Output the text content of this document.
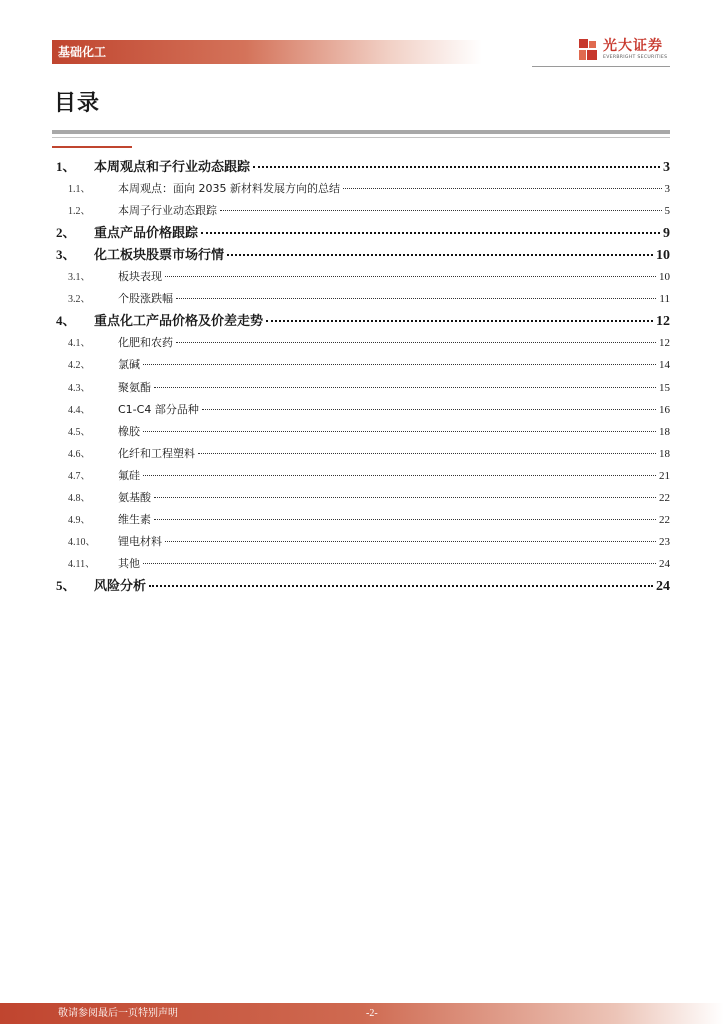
基础化工	光大证券
EVERBRIGHT SECURITIES
目录
1、	本周观点和子行业动态跟踪	3
1.1、	本周观点：面向 2035 新材料发展方向的总结	3
1.2、	本周子行业动态跟踪	5
2、	重点产品价格跟踪	9
3、	化工板块股票市场行情	10
3.1、	板块表现	10
3.2、	个股涨跌幅	11
4、	重点化工产品价格及价差走势	12
4.1、	化肥和农药	12
4.2、	氯碱	14
4.3、	聚氨酯	15
4.4、	C1-C4 部分品种	16
4.5、	橡胶	18
4.6、	化纤和工程塑料	18
4.7、	氟硅	21
4.8、	氨基酸	22
4.9、	维生素	22
4.10、	锂电材料	23
4.11、	其他	24
5、	风险分析	24
敬请参阅最后一页特别声明	-2-
